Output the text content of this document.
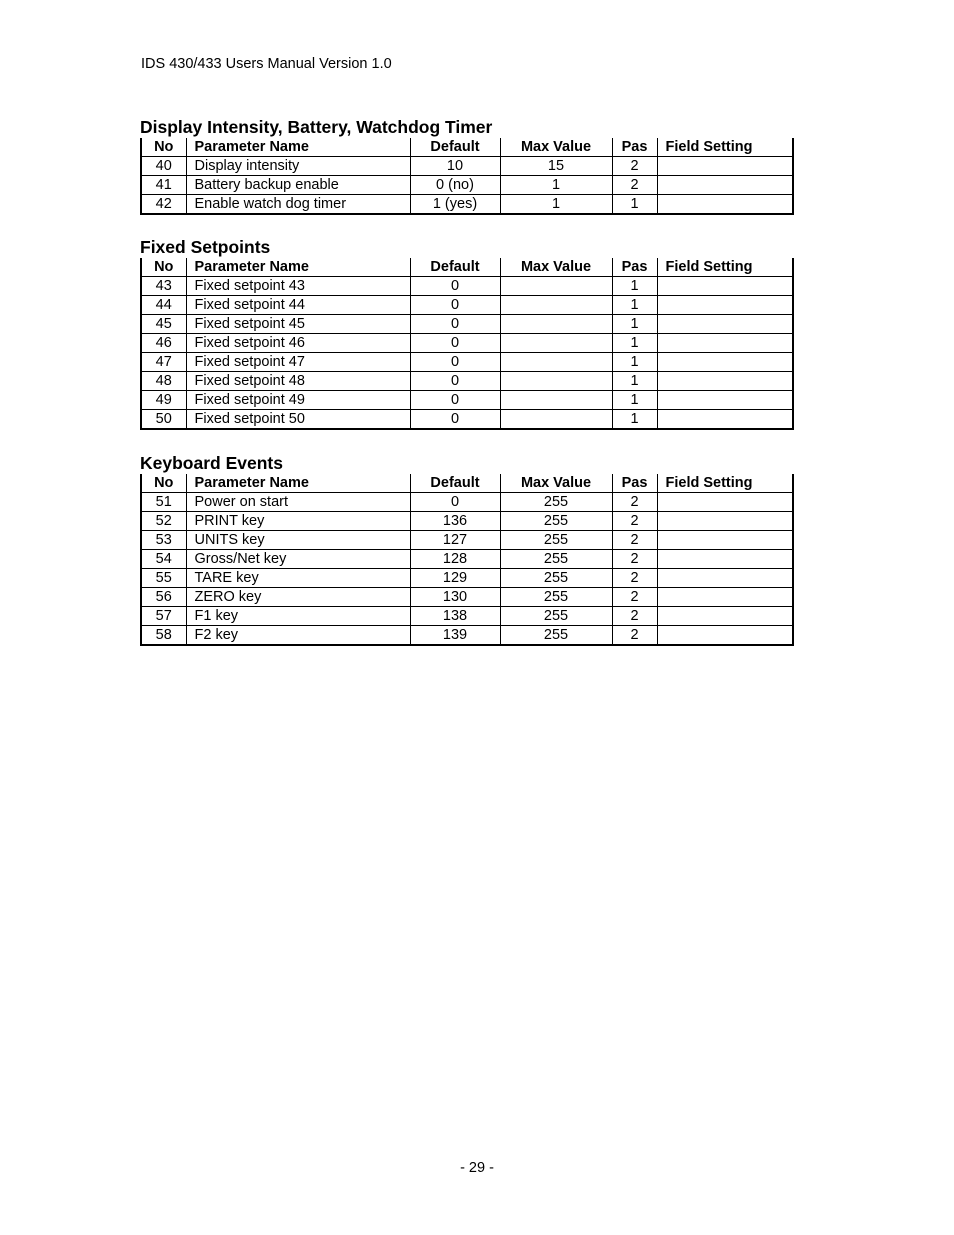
IDS 430/433 Users Manual Version 1.0
Display Intensity, Battery, Watchdog Timer
No	Parameter Name	Default	Max Value	Pas	Field Setting
40	Display intensity	10	15	2	
41	Battery backup enable	0 (no)	1	2	
42	Enable watch dog timer	1 (yes)	1	1	
Fixed Setpoints
No	Parameter Name	Default	Max Value	Pas	Field Setting
43	Fixed setpoint 43	0		1	
44	Fixed setpoint 44	0		1	
45	Fixed setpoint 45	0		1	
46	Fixed setpoint 46	0		1	
47	Fixed setpoint 47	0		1	
48	Fixed setpoint 48	0		1	
49	Fixed setpoint 49	0		1	
50	Fixed setpoint 50	0		1	
Keyboard Events
No	Parameter Name	Default	Max Value	Pas	Field Setting
51	Power on start	0	255	2	
52	PRINT key	136	255	2	
53	UNITS key	127	255	2	
54	Gross/Net key	128	255	2	
55	TARE key	129	255	2	
56	ZERO key	130	255	2	
57	F1 key	138	255	2	
58	F2 key	139	255	2	
- 29 -
